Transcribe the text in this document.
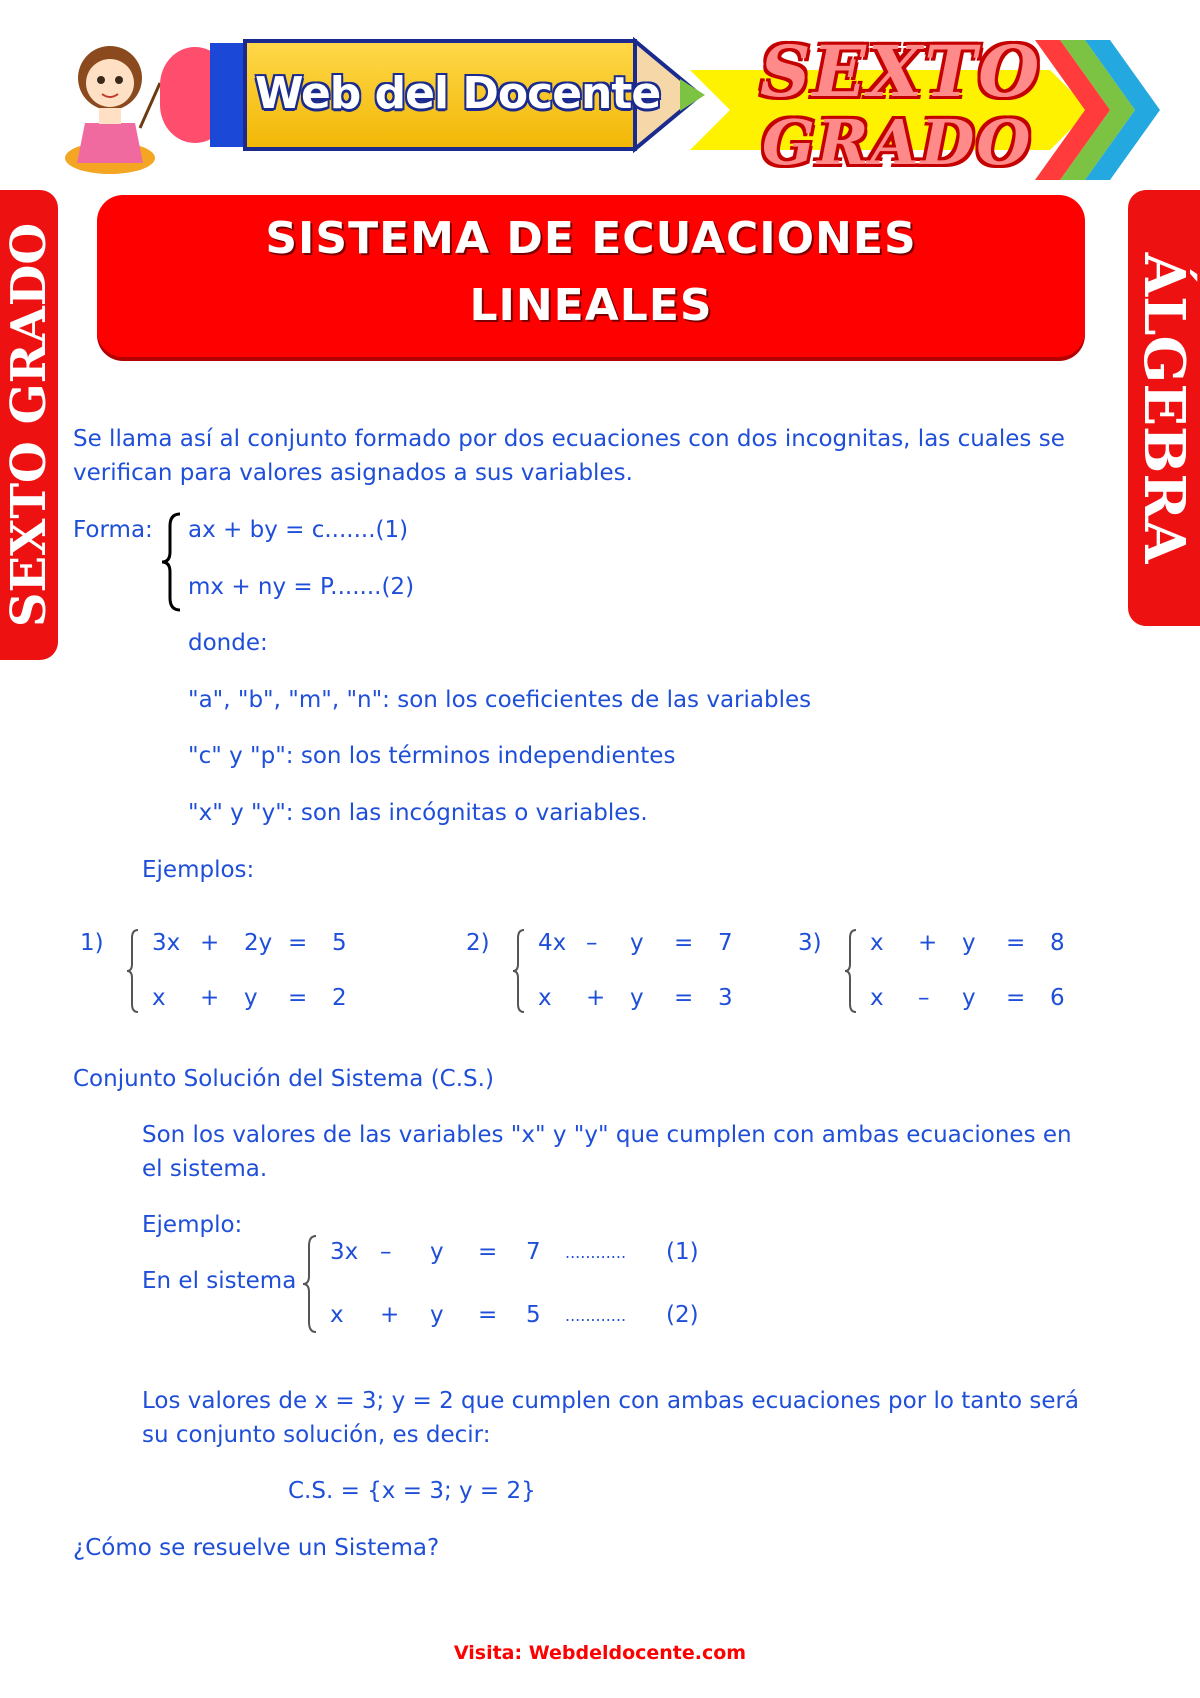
Web del Docente SEXTO
GRADO
SEXTO GRADO	ÁLGEBRA
SISTEMA DE ECUACIONES
LINEALES
Se llama así al conjunto formado por dos ecuaciones con dos incognitas, las cuales se
verifican para valores asignados a sus variables.
Forma: ax + by = c.......(1)
mx + ny = P.......(2)
donde:
"a", "b", "m", "n": son los coeficientes de las variables
"c" y "p": son los términos independientes
"x" y "y": son las incógnitas o variables.
Ejemplos:
1) 3x + 2y = 5
x + y = 2
2) 4x – y = 7
x + y = 3
3) x + y = 8
x – y = 6
Conjunto Solución del Sistema (C.S.)
Son los valores de las variables "x" y "y" que cumplen con ambas ecuaciones en
el sistema.
Ejemplo:
En el sistema
3x – y = 7 ............ (1)
x + y = 5 ............ (2)
Los valores de x = 3; y = 2 que cumplen con ambas ecuaciones por lo tanto será
su conjunto solución, es decir:
C.S. = {x = 3; y = 2}
¿Cómo se resuelve un Sistema?
Visita: Webdeldocente.com
